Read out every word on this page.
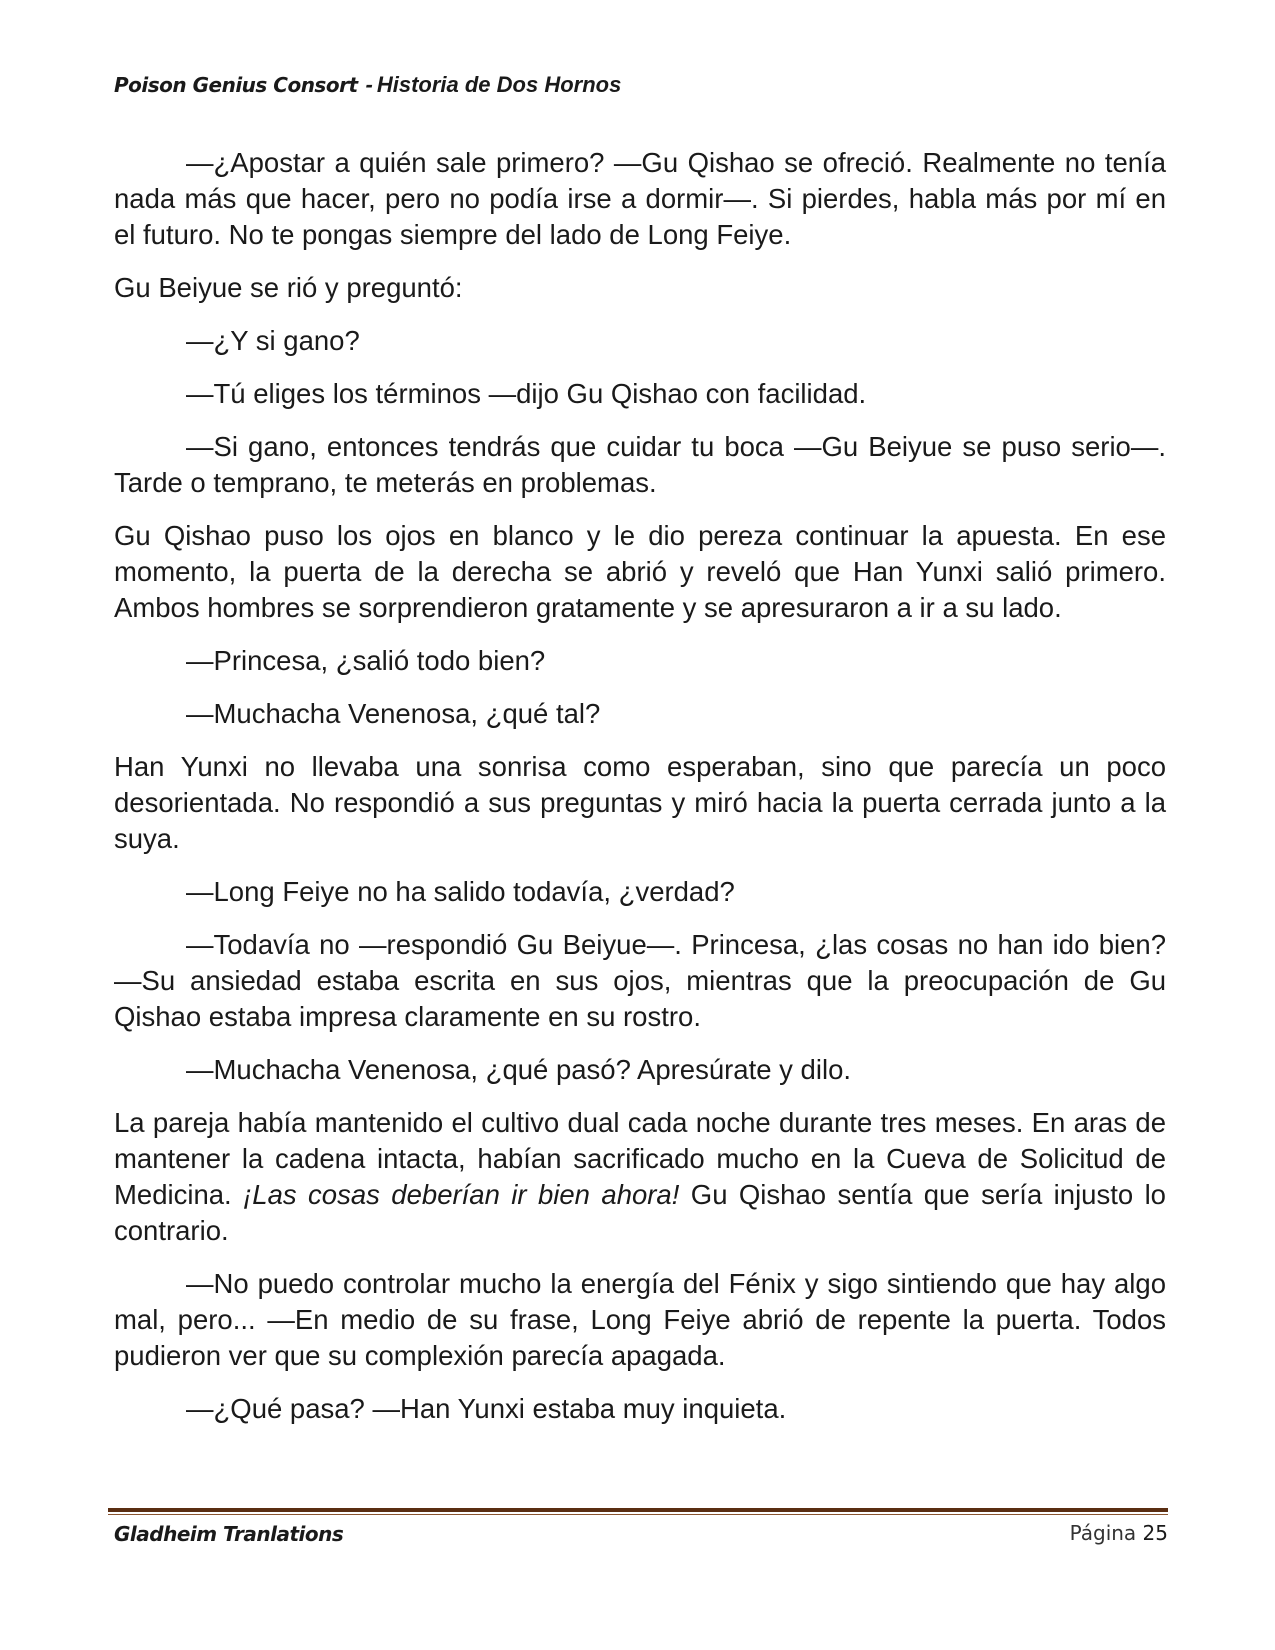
Poison Genius Consort - Historia de Dos Hornos

—¿Apostar a quién sale primero? —Gu Qishao se ofreció. Realmente no tenía nada más que hacer, pero no podía irse a dormir—. Si pierdes, habla más por mí en el futuro. No te pongas siempre del lado de Long Feiye.

Gu Beiyue se rió y preguntó:

—¿Y si gano?

—Tú eliges los términos —dijo Gu Qishao con facilidad.

—Si gano, entonces tendrás que cuidar tu boca —Gu Beiyue se puso serio—. Tarde o temprano, te meterás en problemas.

Gu Qishao puso los ojos en blanco y le dio pereza continuar la apuesta. En ese momento, la puerta de la derecha se abrió y reveló que Han Yunxi salió primero. Ambos hombres se sorprendieron gratamente y se apresuraron a ir a su lado.

—Princesa, ¿salió todo bien?

—Muchacha Venenosa, ¿qué tal?

Han Yunxi no llevaba una sonrisa como esperaban, sino que parecía un poco desorientada. No respondió a sus preguntas y miró hacia la puerta cerrada junto a la suya.

—Long Feiye no ha salido todavía, ¿verdad?

—Todavía no —respondió Gu Beiyue—. Princesa, ¿las cosas no han ido bien? —Su ansiedad estaba escrita en sus ojos, mientras que la preocupación de Gu Qishao estaba impresa claramente en su rostro.

—Muchacha Venenosa, ¿qué pasó? Apresúrate y dilo.

La pareja había mantenido el cultivo dual cada noche durante tres meses. En aras de mantener la cadena intacta, habían sacrificado mucho en la Cueva de Solicitud de Medicina. ¡Las cosas deberían ir bien ahora! Gu Qishao sentía que sería injusto lo contrario.

—No puedo controlar mucho la energía del Fénix y sigo sintiendo que hay algo mal, pero... —En medio de su frase, Long Feiye abrió de repente la puerta. Todos pudieron ver que su complexión parecía apagada.

—¿Qué pasa? —Han Yunxi estaba muy inquieta.

Gladheim Tranlations	Página 25
